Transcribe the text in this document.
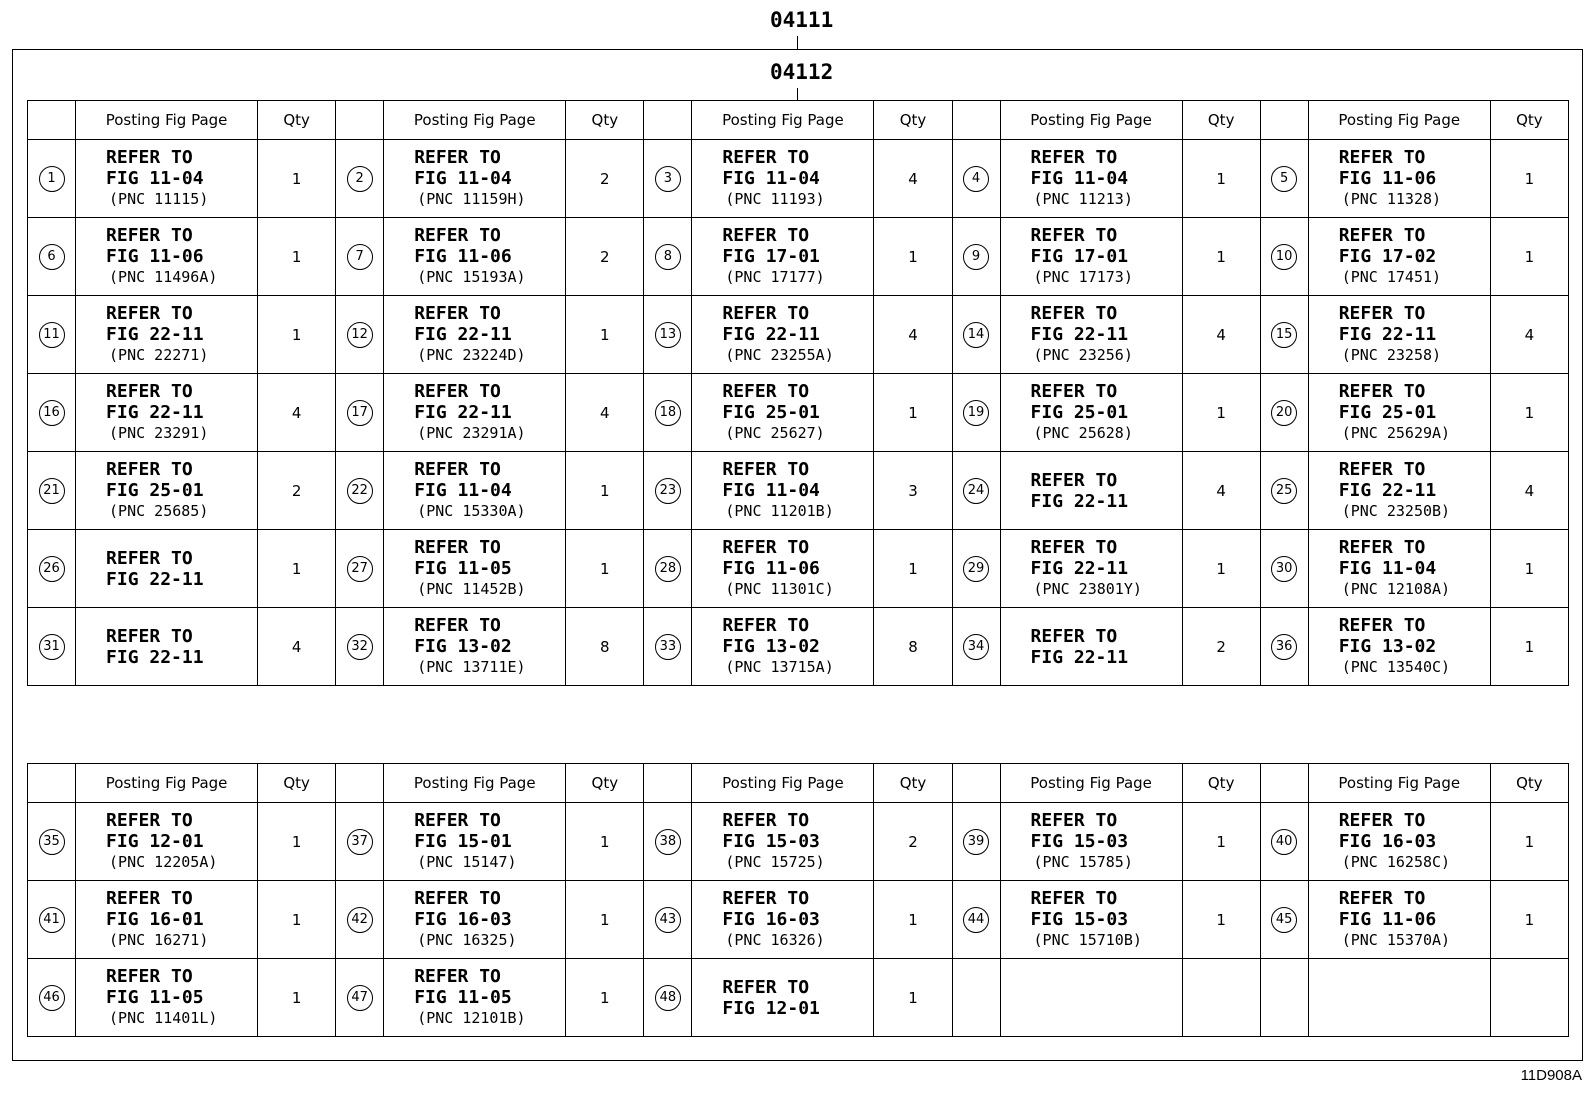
04111
04112
	Posting Fig Page	Qty		Posting Fig Page	Qty		Posting Fig Page	Qty		Posting Fig Page	Qty		Posting Fig Page	Qty
1	REFER TO
FIG 11-04
(PNC 11115)	1	2	REFER TO
FIG 11-04
(PNC 11159H)	2	3	REFER TO
FIG 11-04
(PNC 11193)	4	4	REFER TO
FIG 11-04
(PNC 11213)	1	5	REFER TO
FIG 11-06
(PNC 11328)	1
6	REFER TO
FIG 11-06
(PNC 11496A)	1	7	REFER TO
FIG 11-06
(PNC 15193A)	2	8	REFER TO
FIG 17-01
(PNC 17177)	1	9	REFER TO
FIG 17-01
(PNC 17173)	1	10	REFER TO
FIG 17-02
(PNC 17451)	1
11	REFER TO
FIG 22-11
(PNC 22271)	1	12	REFER TO
FIG 22-11
(PNC 23224D)	1	13	REFER TO
FIG 22-11
(PNC 23255A)	4	14	REFER TO
FIG 22-11
(PNC 23256)	4	15	REFER TO
FIG 22-11
(PNC 23258)	4
16	REFER TO
FIG 22-11
(PNC 23291)	4	17	REFER TO
FIG 22-11
(PNC 23291A)	4	18	REFER TO
FIG 25-01
(PNC 25627)	1	19	REFER TO
FIG 25-01
(PNC 25628)	1	20	REFER TO
FIG 25-01
(PNC 25629A)	1
21	REFER TO
FIG 25-01
(PNC 25685)	2	22	REFER TO
FIG 11-04
(PNC 15330A)	1	23	REFER TO
FIG 11-04
(PNC 11201B)	3	24	REFER TO
FIG 22-11	4	25	REFER TO
FIG 22-11
(PNC 23250B)	4
26	REFER TO
FIG 22-11	1	27	REFER TO
FIG 11-05
(PNC 11452B)	1	28	REFER TO
FIG 11-06
(PNC 11301C)	1	29	REFER TO
FIG 22-11
(PNC 23801Y)	1	30	REFER TO
FIG 11-04
(PNC 12108A)	1
31	REFER TO
FIG 22-11	4	32	REFER TO
FIG 13-02
(PNC 13711E)	8	33	REFER TO
FIG 13-02
(PNC 13715A)	8	34	REFER TO
FIG 22-11	2	36	REFER TO
FIG 13-02
(PNC 13540C)	1
	Posting Fig Page	Qty		Posting Fig Page	Qty		Posting Fig Page	Qty		Posting Fig Page	Qty		Posting Fig Page	Qty
35	REFER TO
FIG 12-01
(PNC 12205A)	1	37	REFER TO
FIG 15-01
(PNC 15147)	1	38	REFER TO
FIG 15-03
(PNC 15725)	2	39	REFER TO
FIG 15-03
(PNC 15785)	1	40	REFER TO
FIG 16-03
(PNC 16258C)	1
41	REFER TO
FIG 16-01
(PNC 16271)	1	42	REFER TO
FIG 16-03
(PNC 16325)	1	43	REFER TO
FIG 16-03
(PNC 16326)	1	44	REFER TO
FIG 15-03
(PNC 15710B)	1	45	REFER TO
FIG 11-06
(PNC 15370A)	1
46	REFER TO
FIG 11-05
(PNC 11401L)	1	47	REFER TO
FIG 11-05
(PNC 12101B)	1	48	REFER TO
FIG 12-01	1						
11D908A
